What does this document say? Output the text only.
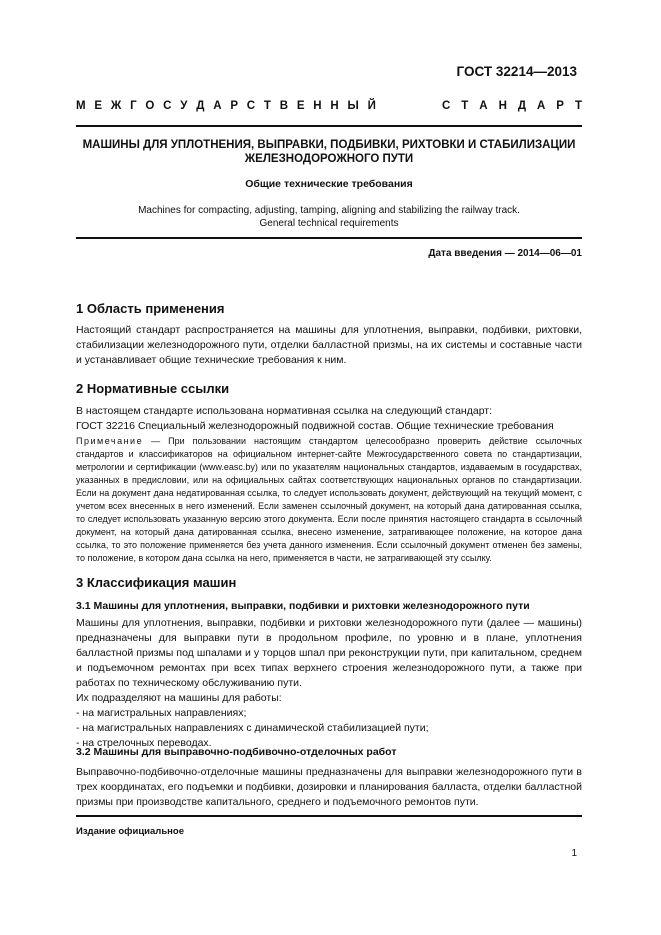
ГОСТ 32214—2013
М Е Ж Г О С У Д А Р С Т В Е Н Н Ы Й	С Т А Н Д А Р Т
МАШИНЫ ДЛЯ УПЛОТНЕНИЯ, ВЫПРАВКИ, ПОДБИВКИ, РИХТОВКИ И СТАБИЛИЗАЦИИ
ЖЕЛЕЗНОДОРОЖНОГО ПУТИ
Общие технические требования
Machines for compacting, adjusting, tamping, aligning and stabilizing the railway track.
General technical requirements
Дата введения — 2014—06—01
1 Область применения

Настоящий стандарт распространяется на машины для уплотнения, выправки, подбивки, рихтовки, стабилизации железнодорожного пути, отделки балластной призмы, на их системы и составные части и устанавливает общие технические требования к ним.

2 Нормативные ссылки

В настоящем стандарте использована нормативная ссылка на следующий стандарт:

ГОСТ 32216 Специальный железнодорожный подвижной состав. Общие технические требования

Примечание — При пользовании настоящим стандартом целесообразно проверить действие ссылочных стандартов и классификаторов на официальном интернет-сайте Межгосударственного совета по стандартизации, метрологии и сертификации (www.easc.by) или по указателям национальных стандартов, издаваемым в государствах, указанных в предисловии, или на официальных сайтах соответствующих национальных органов по стандартизации. Если на документ дана недатированная ссылка, то следует использовать документ, действующий на текущий момент, с учетом всех внесенных в него изменений. Если заменен ссылочный документ, на который дана датированная ссылка, то следует использовать указанную версию этого документа. Если после принятия настоящего стандарта в ссылочный документ, на который дана датированная ссылка, внесено изменение, затрагивающее положение, на которое дана ссылка, то это положение применяется без учета данного изменения. Если ссылочный документ отменен без замены, то положение, в котором дана ссылка на него, применяется в части, не затрагивающей эту ссылку.
3 Классификация машин
3.1 Машины для уплотнения, выправки, подбивки и рихтовки железнодорожного пути

Машины для уплотнения, выправки, подбивки и рихтовки железнодорожного пути (далее — машины) предназначены для выправки пути в продольном профиле, по уровню и в плане, уплотнения балластной призмы под шпалами и у торцов шпал при реконструкции пути, при капитальном, среднем и подъемочном ремонтах при всех типах верхнего строения железнодорожного пути, а также при работах по техническому обслуживанию пути.

Их подразделяют на машины для работы:

- на магистральных направлениях;

- на магистральных направлениях с динамической стабилизацией пути;

- на стрелочных переводах.

3.2 Машины для выправочно-подбивочно-отделочных работ

Выправочно-подбивочно-отделочные машины предназначены для выправки железнодорожного пути в трех координатах, его подъемки и подбивки, дозировки и планирования балласта, отделки балластной призмы при производстве капитального, среднего и подъемочного ремонтов пути.

Издание официальное
1
